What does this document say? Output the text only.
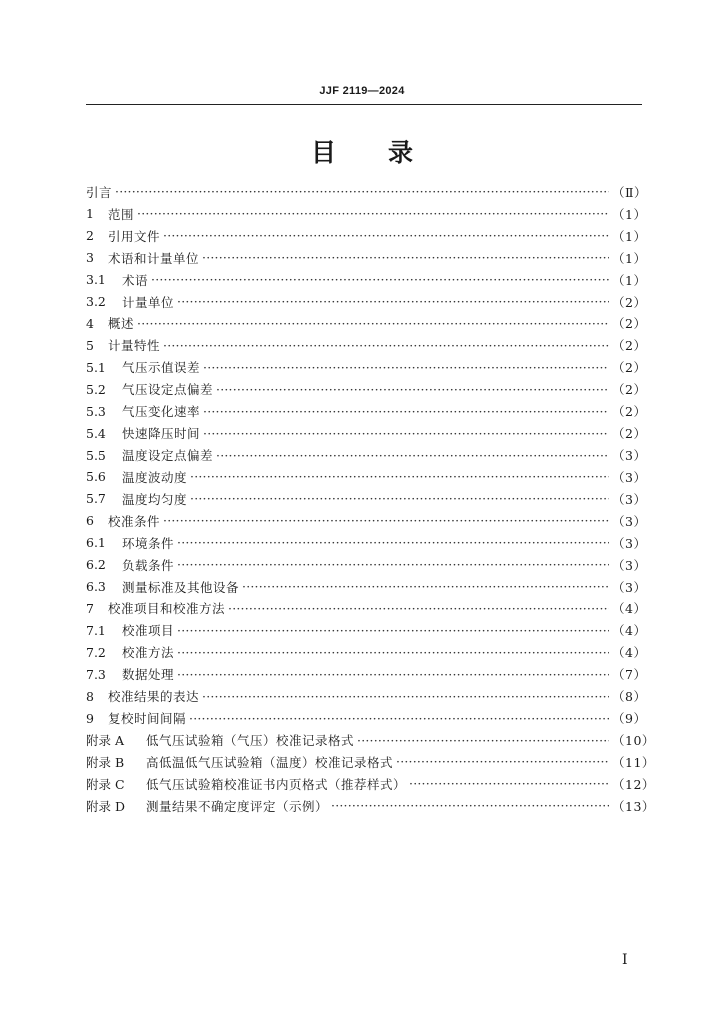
JJF 2119—2024
目 录
引言 ·····	（Ⅱ）
1	范围 ·····	（1）
2	引用文件 ·····	（1）
3	术语和计量单位 ·····	（1）
3.1	术语 ·····	（1）
3.2	计量单位 ·····	（2）
4	概述 ·····	（2）
5	计量特性 ·····	（2）
5.1	气压示值误差 ·····	（2）
5.2	气压设定点偏差 ·····	（2）
5.3	气压变化速率 ·····	（2）
5.4	快速降压时间 ·····	（2）
5.5	温度设定点偏差 ·····	（3）
5.6	温度波动度 ·····	（3）
5.7	温度均匀度 ·····	（3）
6	校准条件 ·····	（3）
6.1	环境条件 ·····	（3）
6.2	负载条件 ·····	（3）
6.3	测量标准及其他设备 ·····	（3）
7	校准项目和校准方法 ·····	（4）
7.1	校准项目 ·····	（4）
7.2	校准方法 ·····	（4）
7.3	数据处理 ·····	（7）
8	校准结果的表达 ·····	（8）
9	复校时间间隔 ·····	（9）
附录 A	低气压试验箱（气压）校准记录格式 ·····	（10）
附录 B	高低温低气压试验箱（温度）校准记录格式 ·····	（11）
附录 C	低气压试验箱校准证书内页格式（推荐样式） ·····	（12）
附录 D	测量结果不确定度评定（示例） ·····	（13）
I
